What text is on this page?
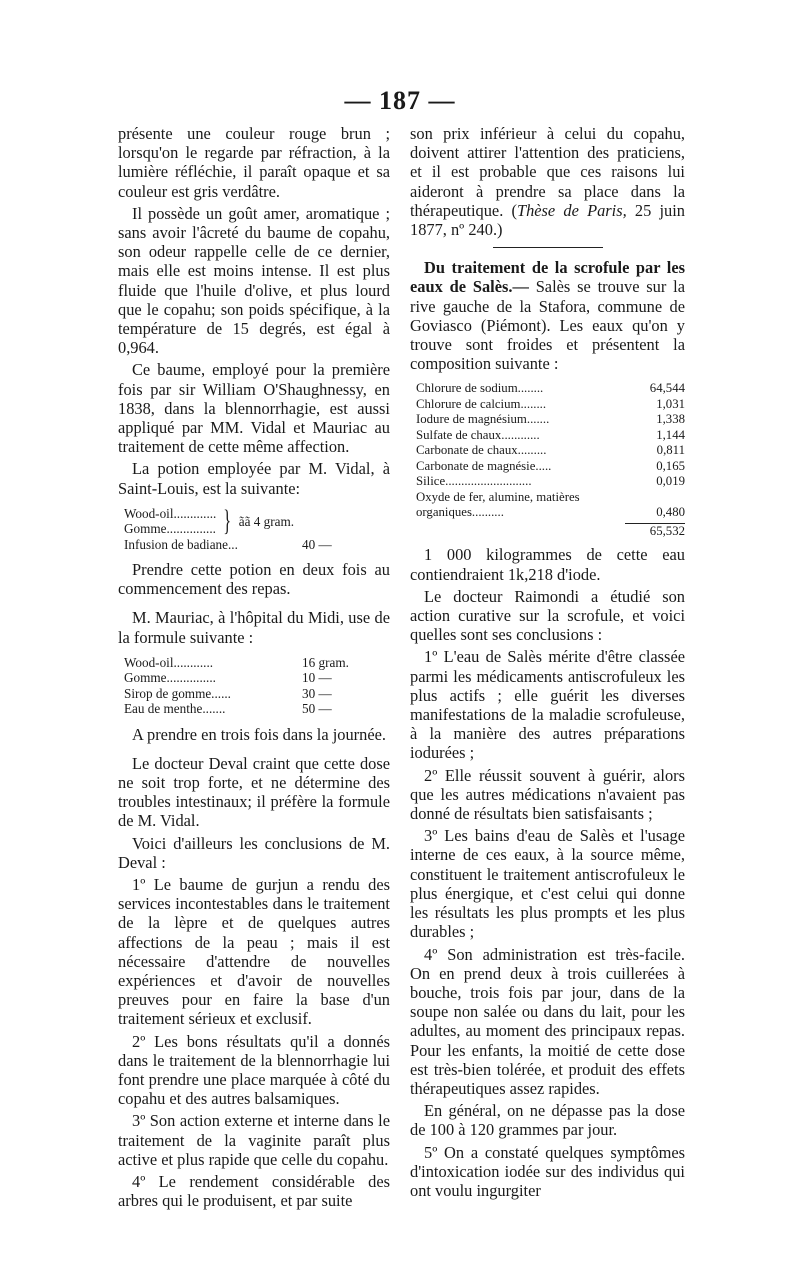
— 187 —

présente une couleur rouge brun ; lorsqu'on le regarde par réfraction, à la lumière réfléchie, il paraît opaque et sa couleur est gris verdâtre.

Il possède un goût amer, aromatique ; sans avoir l'âcreté du baume de copahu, son odeur rappelle celle de ce dernier, mais elle est moins intense. Il est plus fluide que l'huile d'olive, et plus lourd que le copahu; son poids spécifique, à la température de 15 degrés, est égal à 0,964.

Ce baume, employé pour la première fois par sir William O'Shaughnessy, en 1838, dans la blennorrhagie, est aussi appliqué par MM. Vidal et Mauriac au traitement de cette même affection.

La potion employée par M. Vidal, à Saint-Louis, est la suivante:

Wood-oil.............
Gomme............... } ãã 4 gram.
Infusion de badiane...	40 —

Prendre cette potion en deux fois au commencement des repas.

M. Mauriac, à l'hôpital du Midi, use de la formule suivante :

Wood-oil............	16 gram.
Gomme...............	10 —
Sirop de gomme......	30 —
Eau de menthe.......	50 —

A prendre en trois fois dans la journée.

Le docteur Deval craint que cette dose ne soit trop forte, et ne détermine des troubles intestinaux; il préfère la formule de M. Vidal.

Voici d'ailleurs les conclusions de M. Deval :

1º Le baume de gurjun a rendu des services incontestables dans le traitement de la lèpre et de quelques autres affections de la peau ; mais il est nécessaire d'attendre de nouvelles expériences et d'avoir de nouvelles preuves pour en faire la base d'un traitement sérieux et exclusif.

2º Les bons résultats qu'il a donnés dans le traitement de la blennorrhagie lui font prendre une place marquée à côté du copahu et des autres balsamiques.

3º Son action externe et interne dans le traitement de la vaginite paraît plus active et plus rapide que celle du copahu.

4º Le rendement considérable des arbres qui le produisent, et par suite

son prix inférieur à celui du copahu, doivent attirer l'attention des praticiens, et il est probable que ces raisons lui aideront à prendre sa place dans la thérapeutique. (Thèse de Paris, 25 juin 1877, nº 240.)

Du traitement de la scrofule par les eaux de Salès.— Salès se trouve sur la rive gauche de la Stafora, commune de Goviasco (Piémont). Les eaux qu'on y trouve sont froides et présentent la composition suivante :

Chlorure de sodium........	64,544
Chlorure de calcium........	1,031
Iodure de magnésium.......	1,338
Sulfate de chaux............	1,144
Carbonate de chaux.........	0,811
Carbonate de magnésie.....	0,165
Silice...........................	0,019
Oxyde de fer, alumine, matières organiques..........	0,480
65,532

1 000 kilogrammes de cette eau contiendraient 1k,218 d'iode.

Le docteur Raimondi a étudié son action curative sur la scrofule, et voici quelles sont ses conclusions :

1º L'eau de Salès mérite d'être classée parmi les médicaments antiscrofuleux les plus actifs ; elle guérit les diverses manifestations de la maladie scrofuleuse, à la manière des autres préparations iodurées ;

2º Elle réussit souvent à guérir, alors que les autres médications n'avaient pas donné de résultats bien satisfaisants ;

3º Les bains d'eau de Salès et l'usage interne de ces eaux, à la source même, constituent le traitement antiscrofuleux le plus énergique, et c'est celui qui donne les résultats les plus prompts et les plus durables ;

4º Son administration est très-facile. On en prend deux à trois cuillerées à bouche, trois fois par jour, dans de la soupe non salée ou dans du lait, pour les adultes, au moment des principaux repas. Pour les enfants, la moitié de cette dose est très-bien tolérée, et produit des effets thérapeutiques assez rapides.

En général, on ne dépasse pas la dose de 100 à 120 grammes par jour.

5º On a constaté quelques symptômes d'intoxication iodée sur des individus qui ont voulu ingurgiter
